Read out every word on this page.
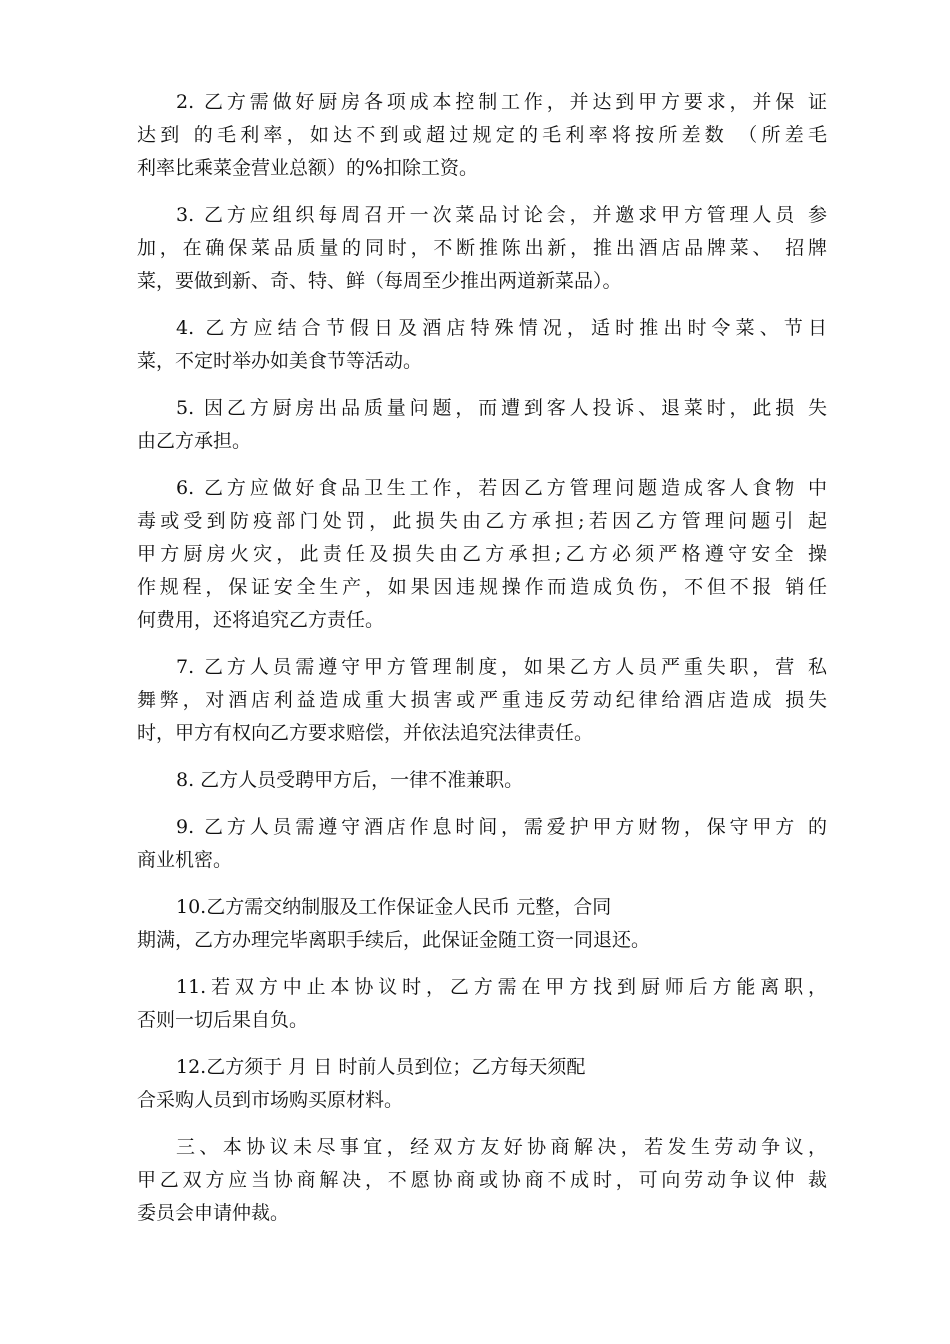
2. 乙方需做好厨房各项成本控制工作，并达到甲方要求，并保 证
达到 的毛利率，如达不到或超过规定的毛利率将按所差数 （所差毛
利率比乘菜金营业总额）的%扣除工资。

3. 乙方应组织每周召开一次菜品讨论会，并邀求甲方管理人员 参
加，在确保菜品质量的同时，不断推陈出新，推出酒店品牌菜、 招牌
菜，要做到新、奇、特、鲜（每周至少推出两道新菜品）。

4. 乙方应结合节假日及酒店特殊情况，适时推出时令菜、节日
菜，不定时举办如美食节等活动。

5. 因乙方厨房出品质量问题，而遭到客人投诉、退菜时，此损 失
由乙方承担。

6. 乙方应做好食品卫生工作，若因乙方管理问题造成客人食物 中
毒或受到防疫部门处罚，此损失由乙方承担;若因乙方管理问题引 起
甲方厨房火灾，此责任及损失由乙方承担;乙方必须严格遵守安全 操
作规程，保证安全生产，如果因违规操作而造成负伤，不但不报 销任
何费用，还将追究乙方责任。

7. 乙方人员需遵守甲方管理制度，如果乙方人员严重失职，营 私
舞弊，对酒店利益造成重大损害或严重违反劳动纪律给酒店造成 损失
时，甲方有权向乙方要求赔偿，并依法追究法律责任。

8. 乙方人员受聘甲方后，一律不准兼职。

9. 乙方人员需遵守酒店作息时间，需爱护甲方财物，保守甲方 的
商业机密。

10.乙方需交纳制服及工作保证金人民币 元整，合同
期满，乙方办理完毕离职手续后，此保证金随工资一同退还。

11.若双方中止本协议时，乙方需在甲方找到厨师后方能离职，
否则一切后果自负。

12.乙方须于 月 日 时前人员到位；乙方每天须配
合采购人员到市场购买原材料。

三、本协议未尽事宜，经双方友好协商解决，若发生劳动争议，
甲乙双方应当协商解决，不愿协商或协商不成时，可向劳动争议仲 裁
委员会申请仲裁。
